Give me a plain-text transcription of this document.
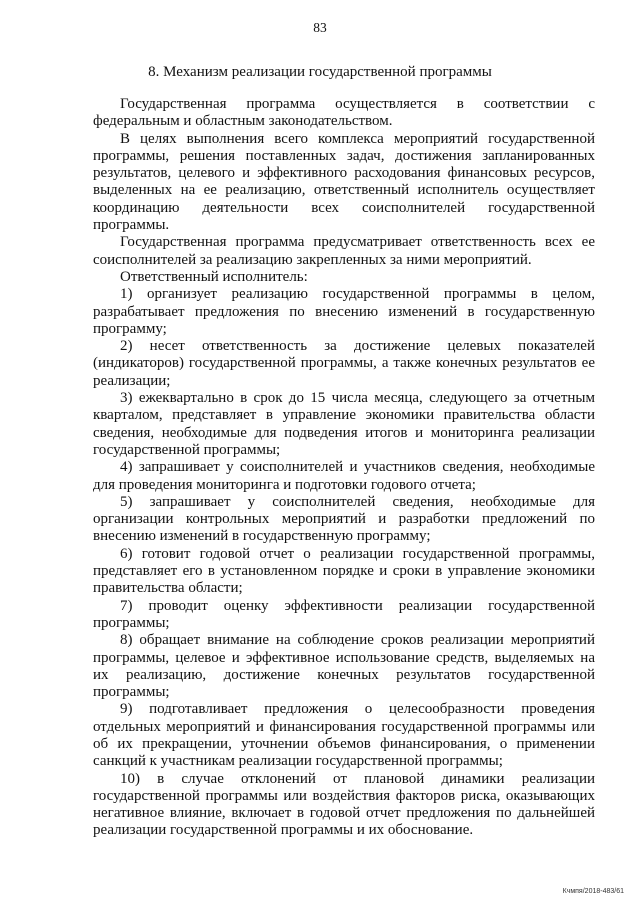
83
8. Механизм реализации государственной программы

Государственная программа осуществляется в соответствии с федеральным и областным законодательством.

В целях выполнения всего комплекса мероприятий государственной программы, решения поставленных задач, достижения запланированных результатов, целевого и эффективного расходования финансовых ресурсов, выделенных на ее реализацию, ответственный исполнитель осуществляет координацию деятельности всех соисполнителей государственной программы.

Государственная программа предусматривает ответственность всех ее соисполнителей за реализацию закрепленных за ними мероприятий.

Ответственный исполнитель:

1) организует реализацию государственной программы в целом, разрабатывает предложения по внесению изменений в государственную программу;

2) несет ответственность за достижение целевых показателей (индикаторов) государственной программы, а также конечных результатов ее реализации;

3) ежеквартально в срок до 15 числа месяца, следующего за отчетным кварталом, представляет в управление экономики правительства области сведения, необходимые для подведения итогов и мониторинга реализации государственной программы;

4) запрашивает у соисполнителей и участников сведения, необходимые для проведения мониторинга и подготовки годового отчета;

5) запрашивает у соисполнителей сведения, необходимые для организации контрольных мероприятий и разработки предложений по внесению изменений в государственную программу;

6) готовит годовой отчет о реализации государственной программы, представляет его в установленном порядке и сроки в управление экономики правительства области;

7) проводит оценку эффективности реализации государственной программы;

8) обращает внимание на соблюдение сроков реализации мероприятий программы, целевое и эффективное использование средств, выделяемых на их реализацию, достижение конечных результатов государственной программы;

9) подготавливает предложения о целесообразности проведения отдельных мероприятий и финансирования государственной программы или об их прекращении, уточнении объемов финансирования, о применении санкций к участникам реализации государственной программы;

10) в случае отклонений от плановой динамики реализации государственной программы или воздействия факторов риска, оказывающих негативное влияние, включает в годовой отчет предложения по дальнейшей реализации государственной программы и их обоснование.

Кчмпя/2018-483/61
